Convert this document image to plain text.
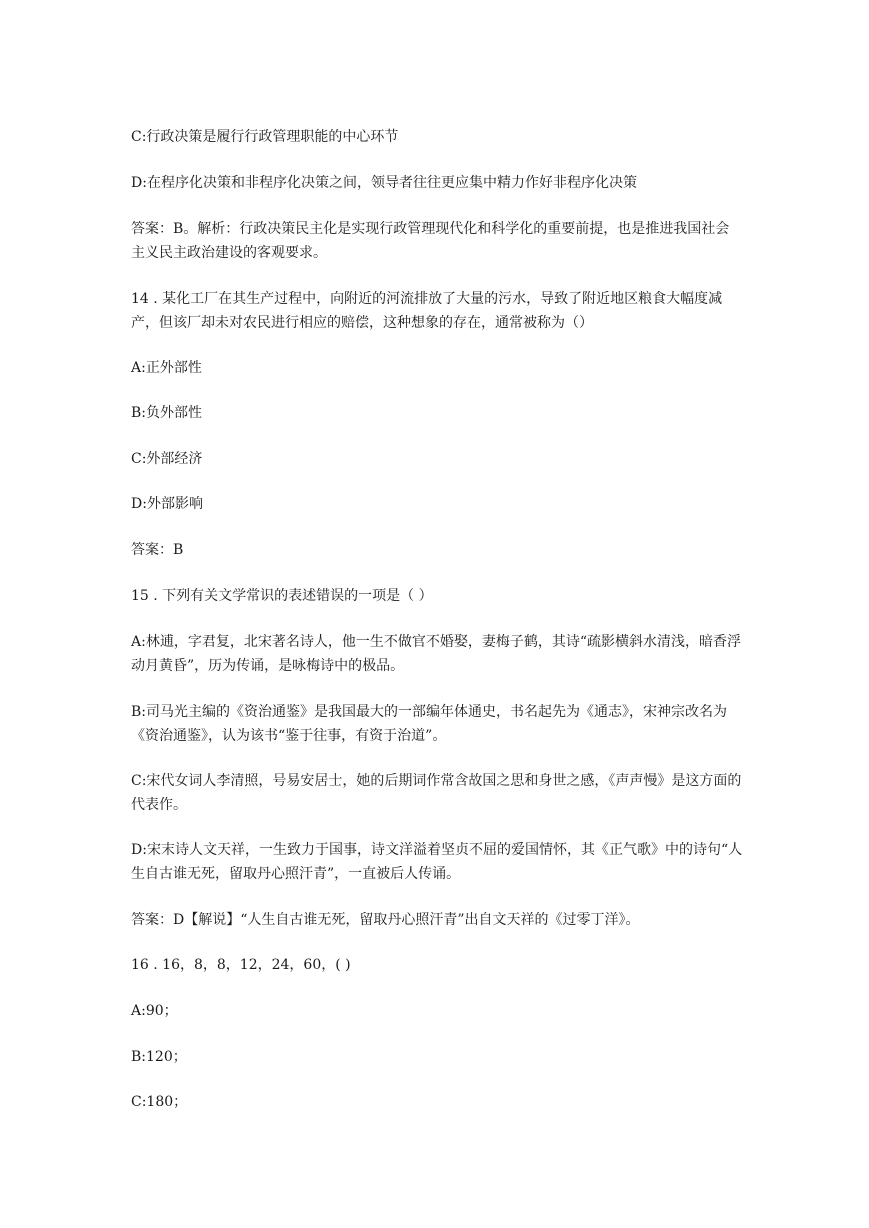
C:行政决策是履行行政管理职能的中心环节

D:在程序化决策和非程序化决策之间，领导者往往更应集中精力作好非程序化决策

答案：B。解析：行政决策民主化是实现行政管理现代化和科学化的重要前提，也是推进我国社会主义民主政治建设的客观要求。

14 . 某化工厂在其生产过程中，向附近的河流排放了大量的污水，导致了附近地区粮食大幅度减产，但该厂却未对农民进行相应的赔偿，这种想象的存在，通常被称为（）

A:正外部性

B:负外部性

C:外部经济

D:外部影响

答案：B

15 . 下列有关文学常识的表述错误的一项是（ ）

A:林逋，字君复，北宋著名诗人，他一生不做官不婚娶，妻梅子鹤，其诗“疏影横斜水清浅，暗香浮动月黄昏”，历为传诵，是咏梅诗中的极品。

B:司马光主编的《资治通鉴》是我国最大的一部编年体通史，书名起先为《通志》，宋神宗改名为《资治通鉴》，认为该书“鉴于往事，有资于治道”。

C:宋代女词人李清照，号易安居士，她的后期词作常含故国之思和身世之感，《声声慢》是这方面的代表作。

D:宋末诗人文天祥，一生致力于国事，诗文洋溢着坚贞不屈的爱国情怀，其《正气歌》中的诗句“人生自古谁无死，留取丹心照汗青”，一直被后人传诵。

答案：D【解说】“人生自古谁无死，留取丹心照汗青”出自文天祥的《过零丁洋》。

16 . 16，8，8，12，24，60，( )

A:90；

B:120；

C:180；
